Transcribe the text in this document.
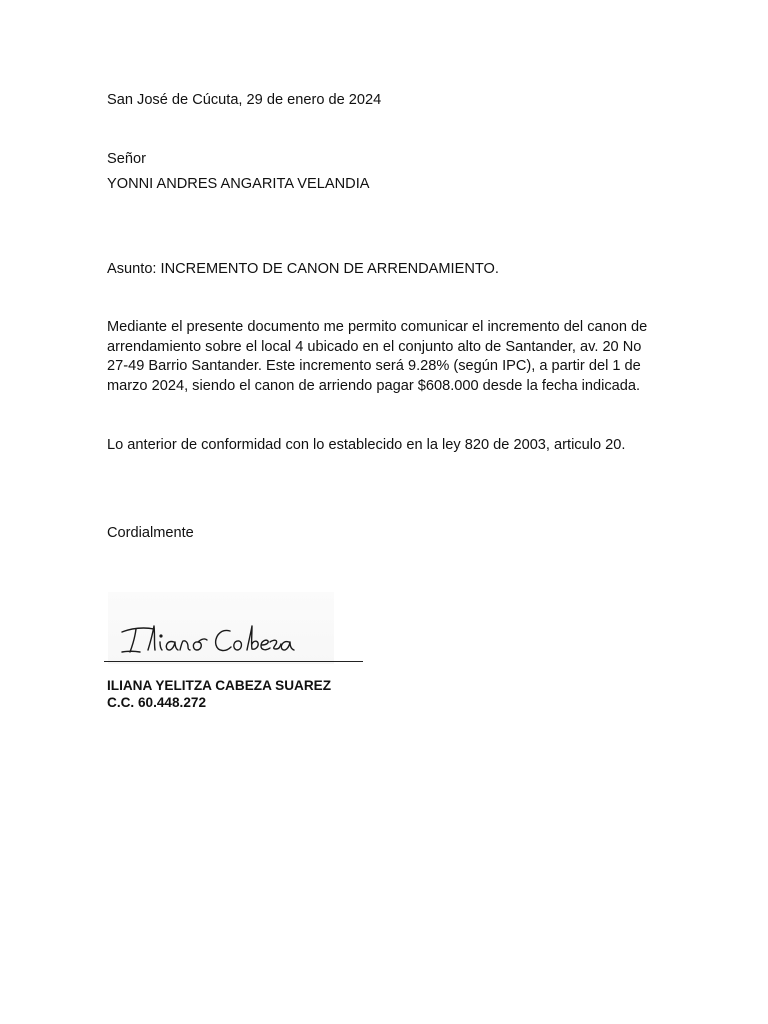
San José de Cúcuta, 29 de enero de 2024

Señor

YONNI ANDRES ANGARITA VELANDIA

Asunto: INCREMENTO DE CANON DE ARRENDAMIENTO.

Mediante el presente documento me permito comunicar el incremento del canon de
arrendamiento sobre el local 4 ubicado en el conjunto alto de Santander, av. 20 No
27-49 Barrio Santander. Este incremento será 9.28% (según IPC), a partir del 1 de
marzo 2024, siendo el canon de arriendo pagar $608.000 desde la fecha indicada.

Lo anterior de conformidad con lo establecido en la ley 820 de 2003, articulo 20.

Cordialmente

ILIANA YELITZA CABEZA SUAREZ

C.C. 60.448.272
